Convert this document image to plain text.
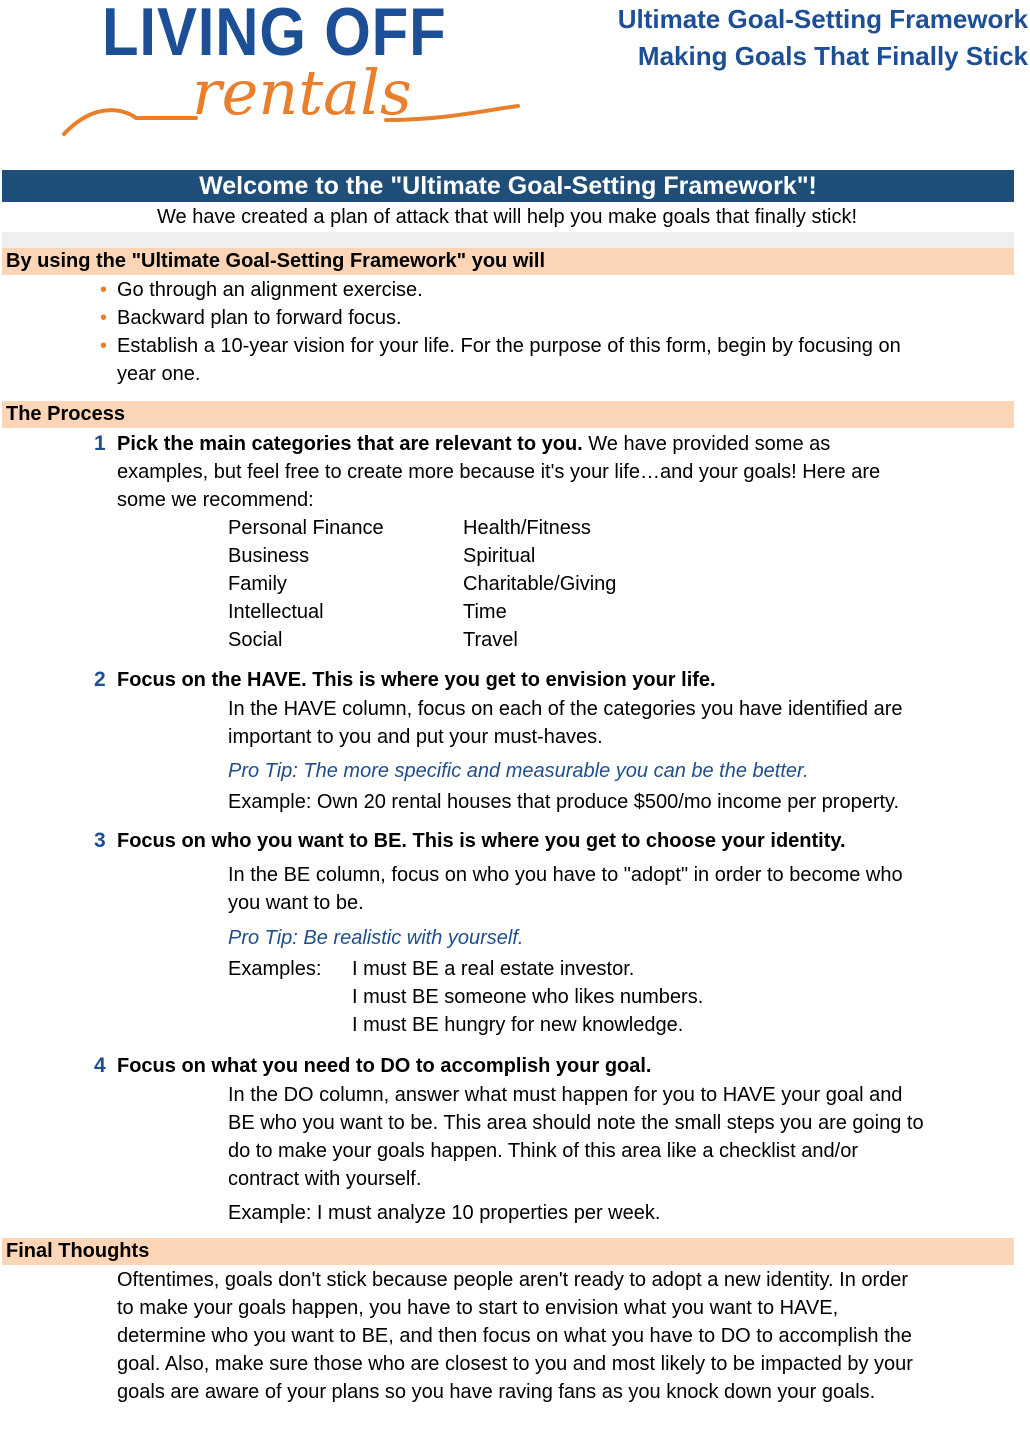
LIVING OFF
rentals
Ultimate Goal-Setting Framework
Making Goals That Finally Stick
Welcome to the "Ultimate Goal-Setting Framework"!
We have created a plan of attack that will help you make goals that finally stick!
By using the "Ultimate Goal-Setting Framework" you will
• Go through an alignment exercise.
• Backward plan to forward focus.
• Establish a 10-year vision for your life. For the purpose of this form, begin by focusing on
year one.
The Process
1 Pick the main categories that are relevant to you. We have provided some as
examples, but feel free to create more because it's your life…and your goals! Here are
some we recommend:
Personal Finance
Business
Family
Intellectual
Social
Health/Fitness
Spiritual
Charitable/Giving
Time
Travel
2 Focus on the HAVE. This is where you get to envision your life.
In the HAVE column, focus on each of the categories you have identified are
important to you and put your must-haves.
Pro Tip: The more specific and measurable you can be the better.
Example: Own 20 rental houses that produce $500/mo income per property.
3 Focus on who you want to BE. This is where you get to choose your identity.
In the BE column, focus on who you have to "adopt" in order to become who
you want to be.
Pro Tip: Be realistic with yourself.
Examples: I must BE a real estate investor.
I must BE someone who likes numbers.
I must BE hungry for new knowledge.
4 Focus on what you need to DO to accomplish your goal.
In the DO column, answer what must happen for you to HAVE your goal and
BE who you want to be. This area should note the small steps you are going to
do to make your goals happen. Think of this area like a checklist and/or
contract with yourself.
Example: I must analyze 10 properties per week.
Final Thoughts
Oftentimes, goals don't stick because people aren't ready to adopt a new identity. In order
to make your goals happen, you have to start to envision what you want to HAVE,
determine who you want to BE, and then focus on what you have to DO to accomplish the
goal. Also, make sure those who are closest to you and most likely to be impacted by your
goals are aware of your plans so you have raving fans as you knock down your goals.
